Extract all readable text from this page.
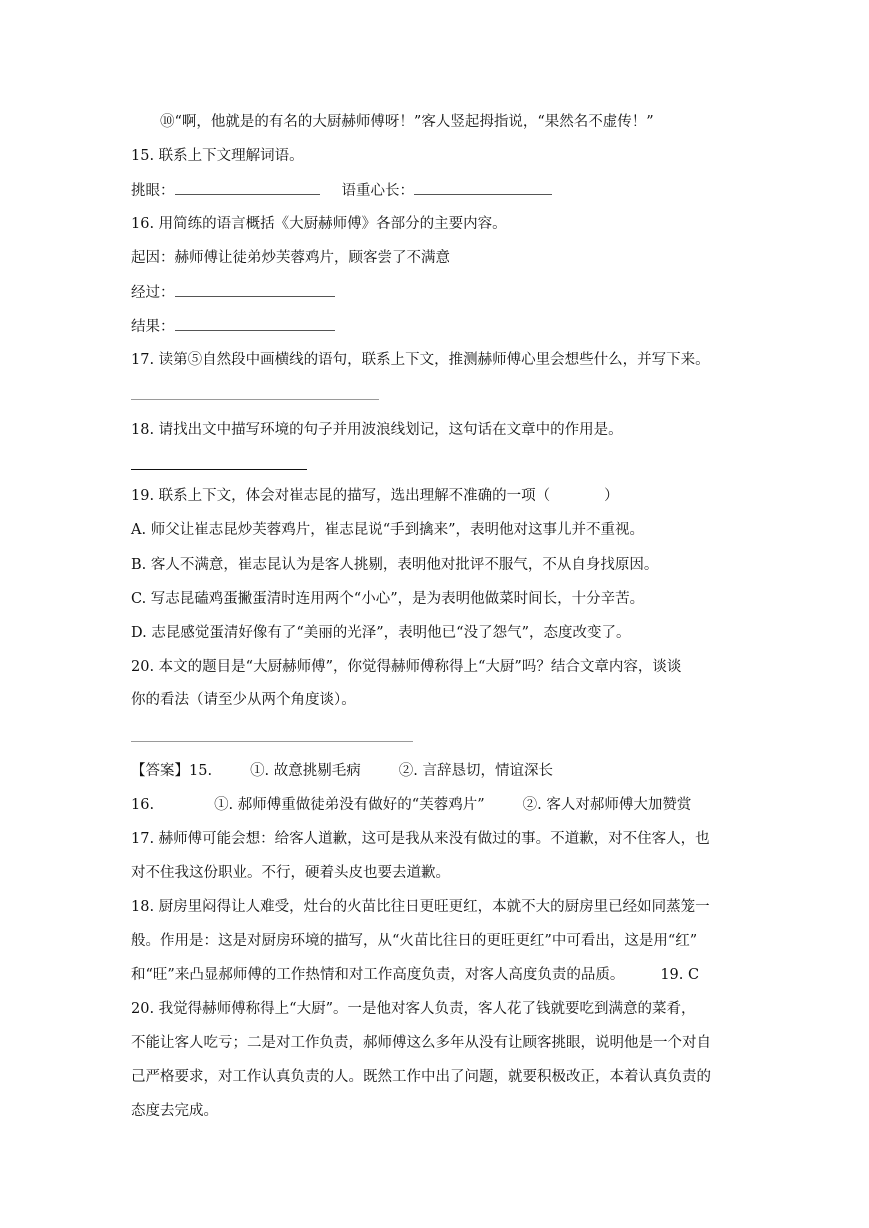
⑩“啊，他就是的有名的大厨赫师傅呀！”客人竖起拇指说，“果然名不虚传！”
15. 联系上下文理解词语。
挑眼：	语重心长：
16. 用简练的语言概括《大厨赫师傅》各部分的主要内容。
起因：赫师傅让徒弟炒芙蓉鸡片，顾客尝了不满意
经过：
结果：
17. 读第⑤自然段中画横线的语句，联系上下文，推测赫师傅心里会想些什么，并写下来。
18. 请找出文中描写环境的句子并用波浪线划记，这句话在文章中的作用是。
19. 联系上下文，体会对崔志昆的描写，选出理解不准确的一项（	）
A. 师父让崔志昆炒芙蓉鸡片，崔志昆说“手到擒来”，表明他对这事儿并不重视。
B. 客人不满意，崔志昆认为是客人挑剔，表明他对批评不服气，不从自身找原因。
C. 写志昆磕鸡蛋撇蛋清时连用两个“小心”，是为表明他做菜时间长，十分辛苦。
D. 志昆感觉蛋清好像有了“美丽的光泽”，表明他已“没了怨气”，态度改变了。
20. 本文的题目是“大厨赫师傅”，你觉得赫师傅称得上“大厨”吗？结合文章内容，谈谈
你的看法（请至少从两个角度谈）。
【答案】15.	①. 故意挑剔毛病	②. 言辞恳切，情谊深长
16.	①. 郝师傅重做徒弟没有做好的“芙蓉鸡片”	②. 客人对郝师傅大加赞赏
17. 赫师傅可能会想：给客人道歉，这可是我从来没有做过的事。不道歉，对不住客人，也
对不住我这份职业。不行，硬着头皮也要去道歉。
18. 厨房里闷得让人难受，灶台的火苗比往日更旺更红，本就不大的厨房里已经如同蒸笼一
般。作用是：这是对厨房环境的描写，从“火苗比往日的更旺更红”中可看出，这是用“红”
和“旺”来凸显郝师傅的工作热情和对工作高度负责，对客人高度负责的品质。 19. C
20. 我觉得赫师傅称得上“大厨”。一是他对客人负责，客人花了钱就要吃到满意的菜肴，
不能让客人吃亏；二是对工作负责，郝师傅这么多年从没有让顾客挑眼，说明他是一个对自
己严格要求，对工作认真负责的人。既然工作中出了问题，就要积极改正，本着认真负责的
态度去完成。
